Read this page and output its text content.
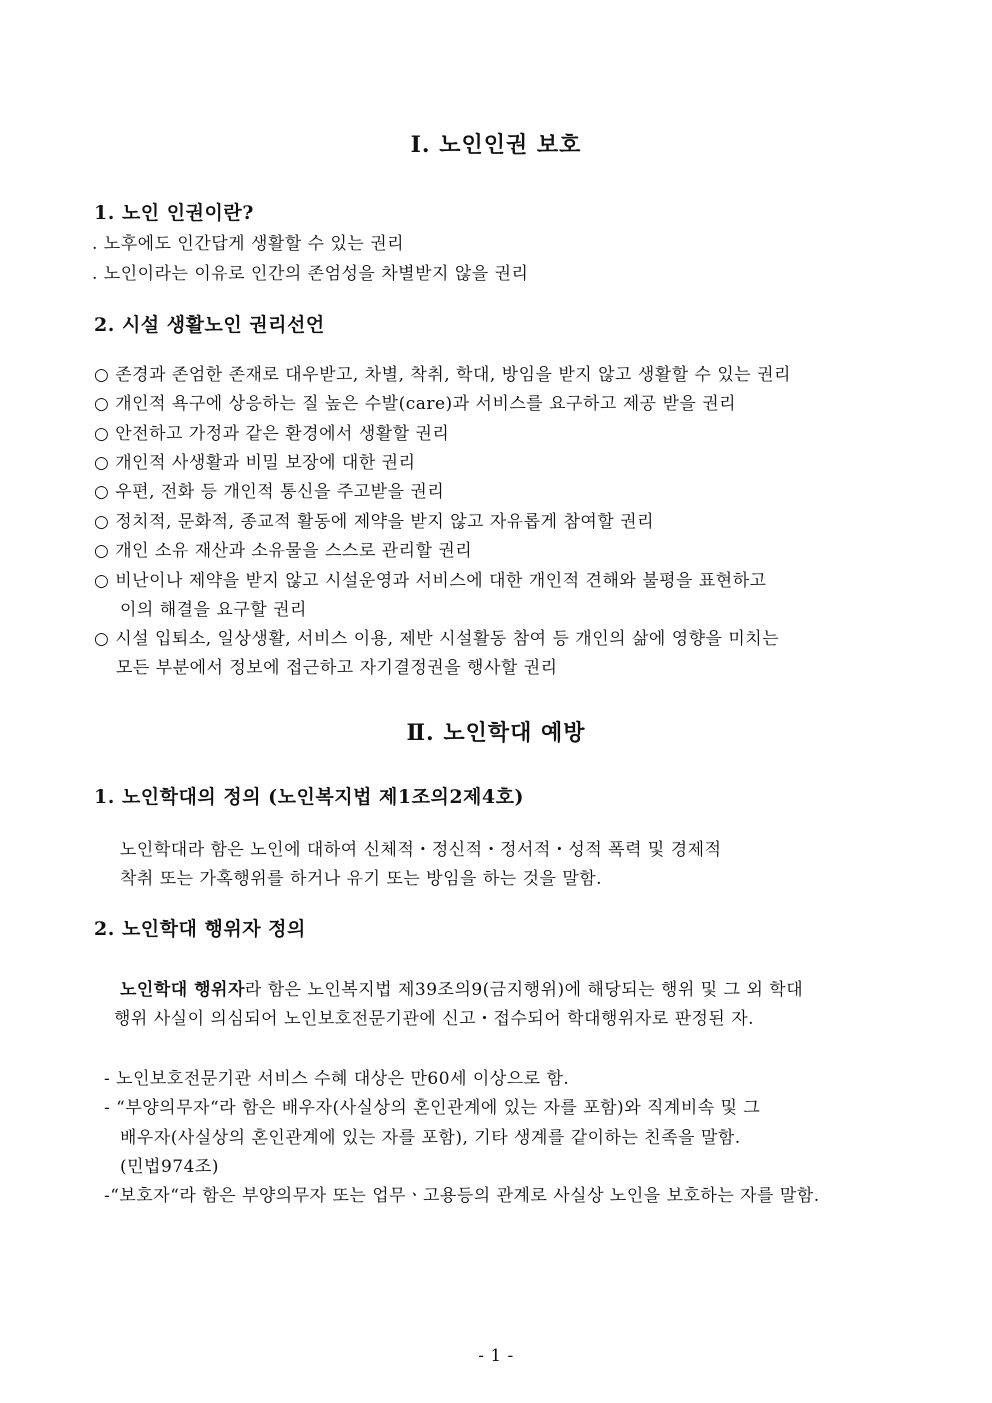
Ⅰ. 노인인권 보호
1. 노인 인권이란?
. 노후에도 인간답게 생활할 수 있는 권리
. 노인이라는 이유로 인간의 존엄성을 차별받지 않을 권리
2. 시설 생활노인 권리선언
○ 존경과 존엄한 존재로 대우받고, 차별, 착취, 학대, 방임을 받지 않고 생활할 수 있는 권리
○ 개인적 욕구에 상응하는 질 높은 수발(care)과 서비스를 요구하고 제공 받을 권리
○ 안전하고 가정과 같은 환경에서 생활할 권리
○ 개인적 사생활과 비밀 보장에 대한 권리
○ 우편, 전화 등 개인적 통신을 주고받을 권리
○ 정치적, 문화적, 종교적 활동에 제약을 받지 않고 자유롭게 참여할 권리
○ 개인 소유 재산과 소유물을 스스로 관리할 권리
○ 비난이나 제약을 받지 않고 시설운영과 서비스에 대한 개인적 견해와 불평을 표현하고
이의 해결을 요구할 권리
○ 시설 입퇴소, 일상생활, 서비스 이용, 제반 시설활동 참여 등 개인의 삶에 영향을 미치는
모든 부분에서 정보에 접근하고 자기결정권을 행사할 권리
Ⅱ. 노인학대 예방
1. 노인학대의 정의 (노인복지법 제1조의2제4호)
노인학대라 함은 노인에 대하여 신체적・정신적・정서적・성적 폭력 및 경제적
착취 또는 가혹행위를 하거나 유기 또는 방임을 하는 것을 말함.
2. 노인학대 행위자 정의
노인학대 행위자라 함은 노인복지법 제39조의9(금지행위)에 해당되는 행위 및 그 외 학대
행위 사실이 의심되어 노인보호전문기관에 신고・접수되어 학대행위자로 판정된 자.
- 노인보호전문기관 서비스 수혜 대상은 만60세 이상으로 함.
- “부양의무자“라 함은 배우자(사실상의 혼인관계에 있는 자를 포함)와 직계비속 및 그
배우자(사실상의 혼인관계에 있는 자를 포함), 기타 생계를 같이하는 친족을 말함.
(민법974조)
-“보호자“라 함은 부양의무자 또는 업무ㆍ고용등의 관계로 사실상 노인을 보호하는 자를 말함.
- 1 -
